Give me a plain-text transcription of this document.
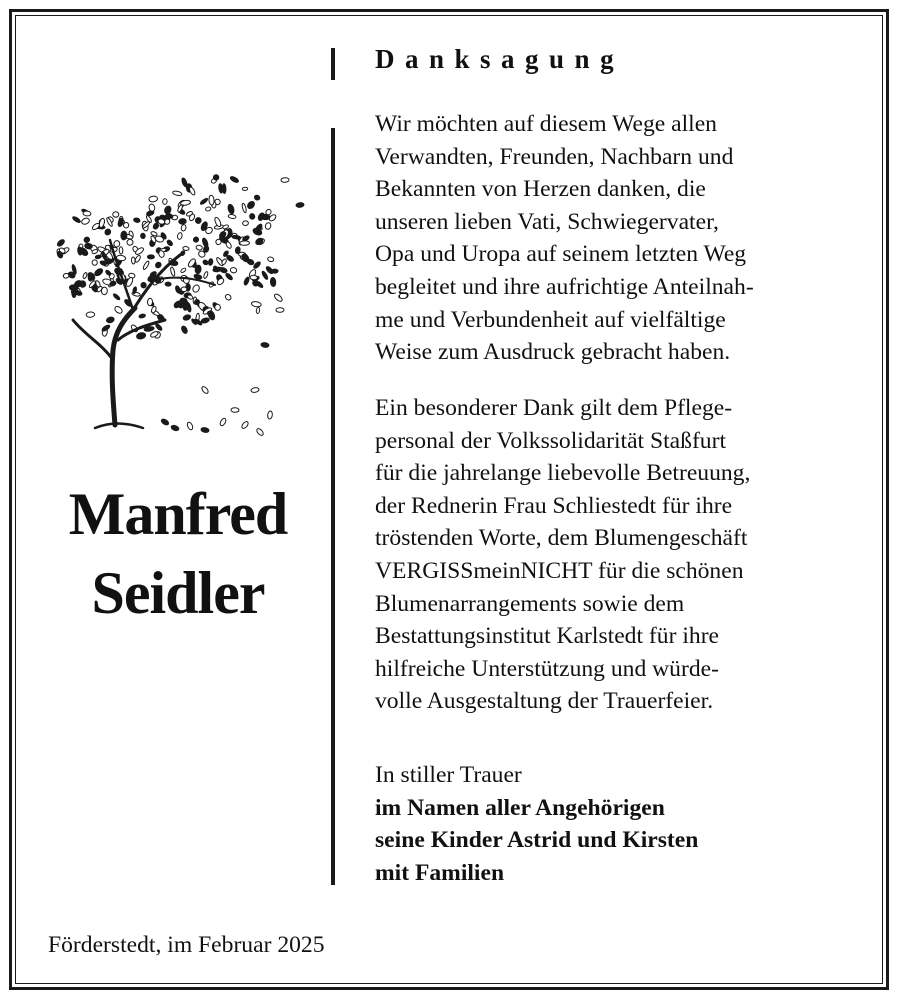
Manfred
Seidler
Danksagung
Wir möchten auf diesem Wege allen
Verwandten, Freunden, Nachbarn und
Bekannten von Herzen danken, die
unseren lieben Vati, Schwiegervater,
Opa und Uropa auf seinem letzten Weg
begleitet und ihre aufrichtige Anteilnah-
me und Verbundenheit auf vielfältige
Weise zum Ausdruck gebracht haben.
Ein besonderer Dank gilt dem Pflege-
personal der Volkssolidarität Staßfurt
für die jahrelange liebevolle Betreuung,
der Rednerin Frau Schliestedt für ihre
tröstenden Worte, dem Blumengeschäft
VERGISSmeinNICHT für die schönen
Blumenarrangements sowie dem
Bestattungsinstitut Karlstedt für ihre
hilfreiche Unterstützung und würde-
volle Ausgestaltung der Trauerfeier.
In stiller Trauer
im Namen aller Angehörigen
seine Kinder Astrid und Kirsten
mit Familien
Förderstedt, im Februar 2025
